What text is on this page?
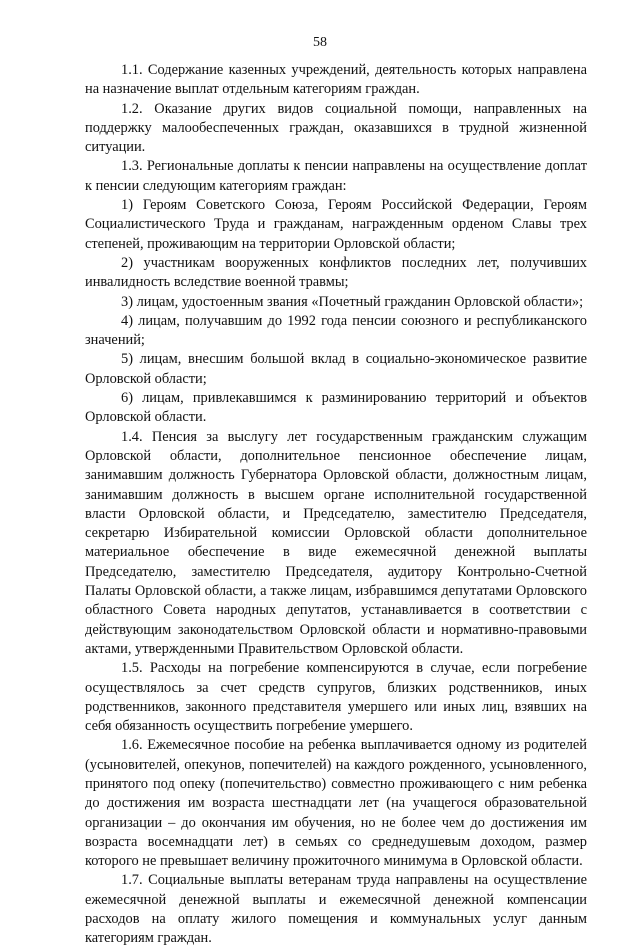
58

1.1. Содержание казенных учреждений, деятельность которых направлена на назначение выплат отдельным категориям граждан.

1.2. Оказание других видов социальной помощи, направленных на поддержку малообеспеченных граждан, оказавшихся в трудной жизненной ситуации.

1.3. Региональные доплаты к пенсии направлены на осуществление доплат к пенсии следующим категориям граждан:

1) Героям Советского Союза, Героям Российской Федерации, Героям Социалистического Труда и гражданам, награжденным орденом Славы трех степеней, проживающим на территории Орловской области;

2) участникам вооруженных конфликтов последних лет, получивших инвалидность вследствие военной травмы;

3) лицам, удостоенным звания «Почетный гражданин Орловской области»;

4) лицам, получавшим до 1992 года пенсии союзного и республиканского значений;

5) лицам, внесшим большой вклад в социально-экономическое развитие Орловской области;

6) лицам, привлекавшимся к разминированию территорий и объектов Орловской области.

1.4. Пенсия за выслугу лет государственным гражданским служащим Орловской области, дополнительное пенсионное обеспечение лицам, занимавшим должность Губернатора Орловской области, должностным лицам, занимавшим должность в высшем органе исполнительной государственной власти Орловской области, и Председателю, заместителю Председателя, секретарю Избирательной комиссии Орловской области дополнительное материальное обеспечение в виде ежемесячной денежной выплаты Председателю, заместителю Председателя, аудитору Контрольно-Счетной Палаты Орловской области, а также лицам, избравшимся депутатами Орловского областного Совета народных депутатов, устанавливается в соответствии с действующим законодательством Орловской области и нормативно-правовыми актами, утвержденными Правительством Орловской области.

1.5. Расходы на погребение компенсируются в случае, если погребение осуществлялось за счет средств супругов, близких родственников, иных родственников, законного представителя умершего или иных лиц, взявших на себя обязанность осуществить погребение умершего.

1.6. Ежемесячное пособие на ребенка выплачивается одному из родителей (усыновителей, опекунов, попечителей) на каждого рожденного, усыновленного, принятого под опеку (попечительство) совместно проживающего с ним ребенка до достижения им возраста шестнадцати лет (на учащегося образовательной организации – до окончания им обучения, но не более чем до достижения им возраста восемнадцати лет) в семьях со среднедушевым доходом, размер которого не превышает величину прожиточного минимума в Орловской области.

1.7. Социальные выплаты ветеранам труда направлены на осуществление ежемесячной денежной выплаты и ежемесячной денежной компенсации расходов на оплату жилого помещения и коммунальных услуг данным категориям граждан.
